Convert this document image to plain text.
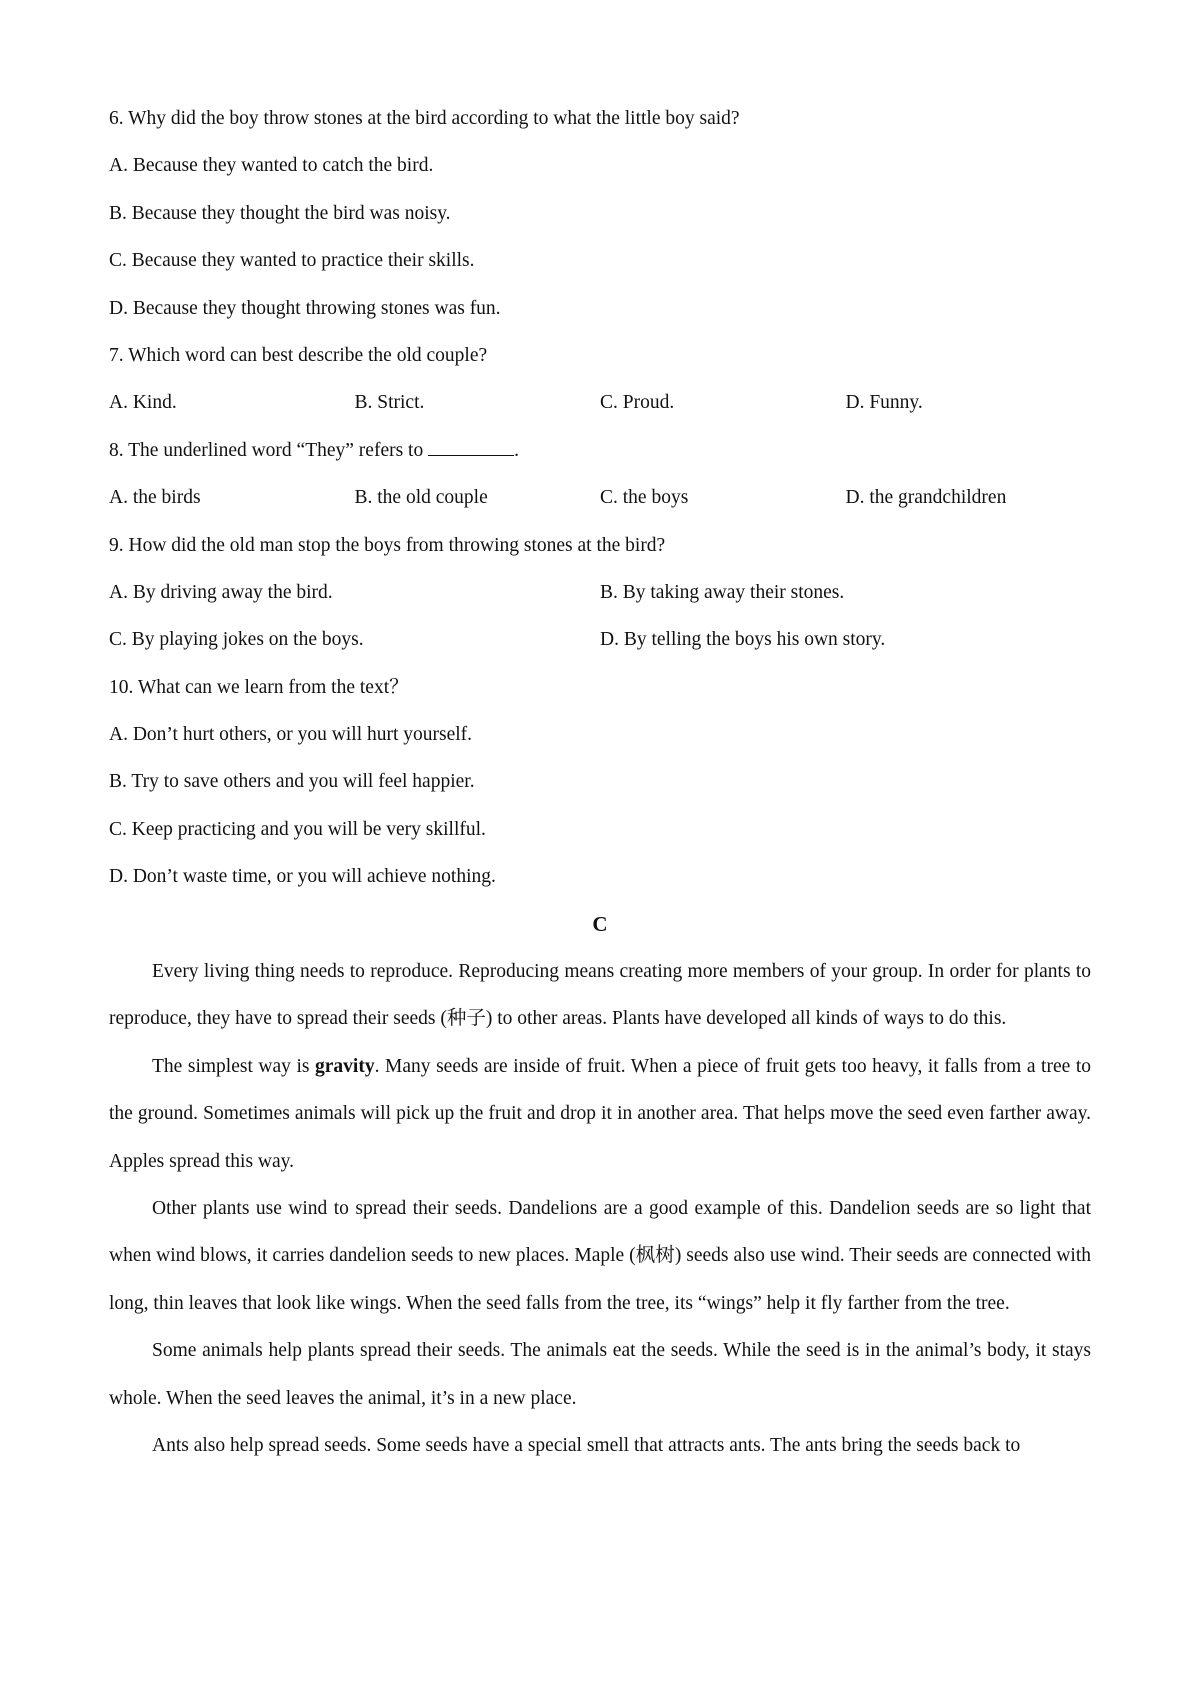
6. Why did the boy throw stones at the bird according to what the little boy said?
A. Because they wanted to catch the bird.
B. Because they thought the bird was noisy.
C. Because they wanted to practice their skills.
D. Because they thought throwing stones was fun.
7. Which word can best describe the old couple?
A. Kind.	B. Strict.	C. Proud.	D. Funny.
8. The underlined word “They” refers to	.
A. the birds	B. the old couple	C. the boys	D. the grandchildren
9. How did the old man stop the boys from throwing stones at the bird?
A. By driving away the bird.	B. By taking away their stones.
C. By playing jokes on the boys.	D. By telling the boys his own story.
10. What can we learn from the text？
A. Don’t hurt others, or you will hurt yourself.
B. Try to save others and you will feel happier.
C. Keep practicing and you will be very skillful.
D. Don’t waste time, or you will achieve nothing.
C

Every living thing needs to reproduce. Reproducing means creating more members of your group. In order for plants to reproduce, they have to spread their seeds (种子) to other areas. Plants have developed all kinds of ways to do this.

The simplest way is gravity. Many seeds are inside of fruit. When a piece of fruit gets too heavy, it falls from a tree to the ground. Sometimes animals will pick up the fruit and drop it in another area. That helps move the seed even farther away. Apples spread this way.

Other plants use wind to spread their seeds. Dandelions are a good example of this. Dandelion seeds are so light that when wind blows, it carries dandelion seeds to new places. Maple (枫树) seeds also use wind. Their seeds are connected with long, thin leaves that look like wings. When the seed falls from the tree, its “wings” help it fly farther from the tree.

Some animals help plants spread their seeds. The animals eat the seeds. While the seed is in the animal’s body, it stays whole. When the seed leaves the animal, it’s in a new place.

Ants also help spread seeds. Some seeds have a special smell that attracts ants. The ants bring the seeds back to
